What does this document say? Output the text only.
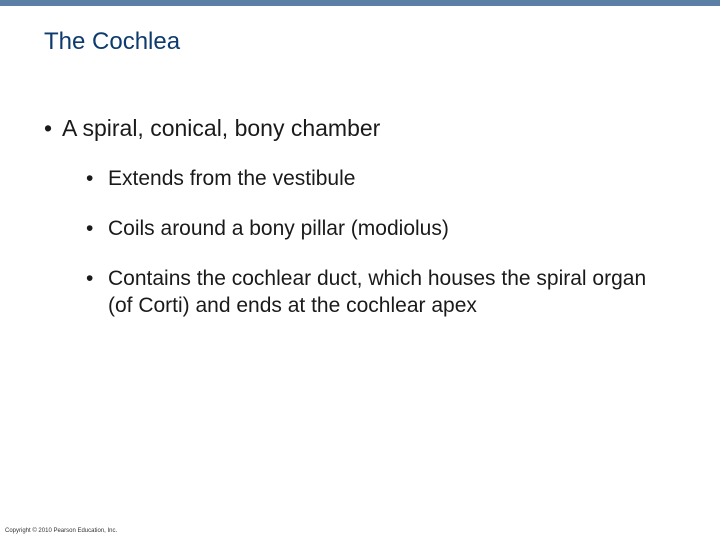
The Cochlea
• A spiral, conical, bony chamber
• Extends from the vestibule
• Coils around a bony pillar (modiolus)
• Contains the cochlear duct, which houses the spiral organ (of Corti) and ends at the cochlear apex
Copyright © 2010 Pearson Education, Inc.
